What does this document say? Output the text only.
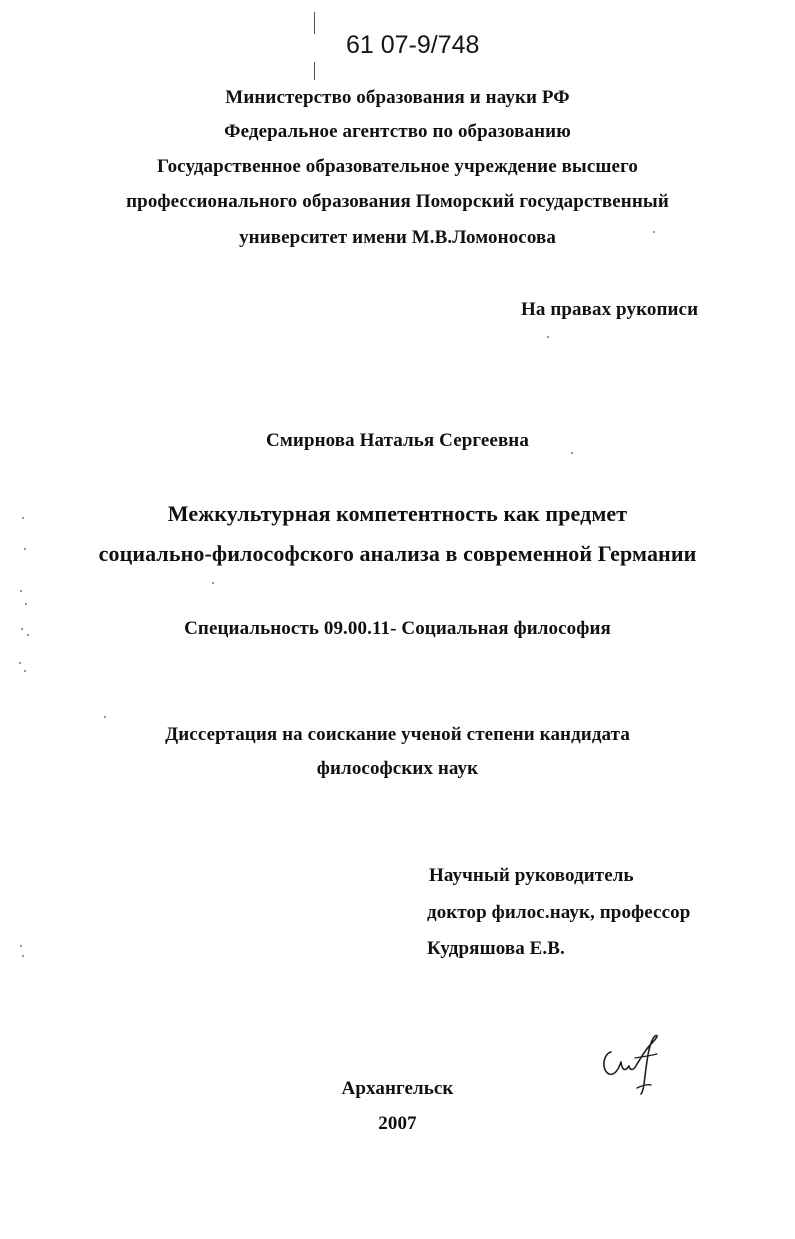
61 07-9/748
Министерство образования и науки РФ
Федеральное агентство по образованию
Государственное образовательное учреждение высшего
профессионального образования Поморский государственный
университет имени М.В.Ломоносова
На правах рукописи
Смирнова Наталья Сергеевна
Межкультурная компетентность как предмет
социально-философского анализа в современной Германии
Специальность 09.00.11- Социальная философия
Диссертация на соискание ученой степени кандидата
философских наук
Научный руководитель
доктор филос.наук, профессор
Кудряшова Е.В.
Архангельск
2007
